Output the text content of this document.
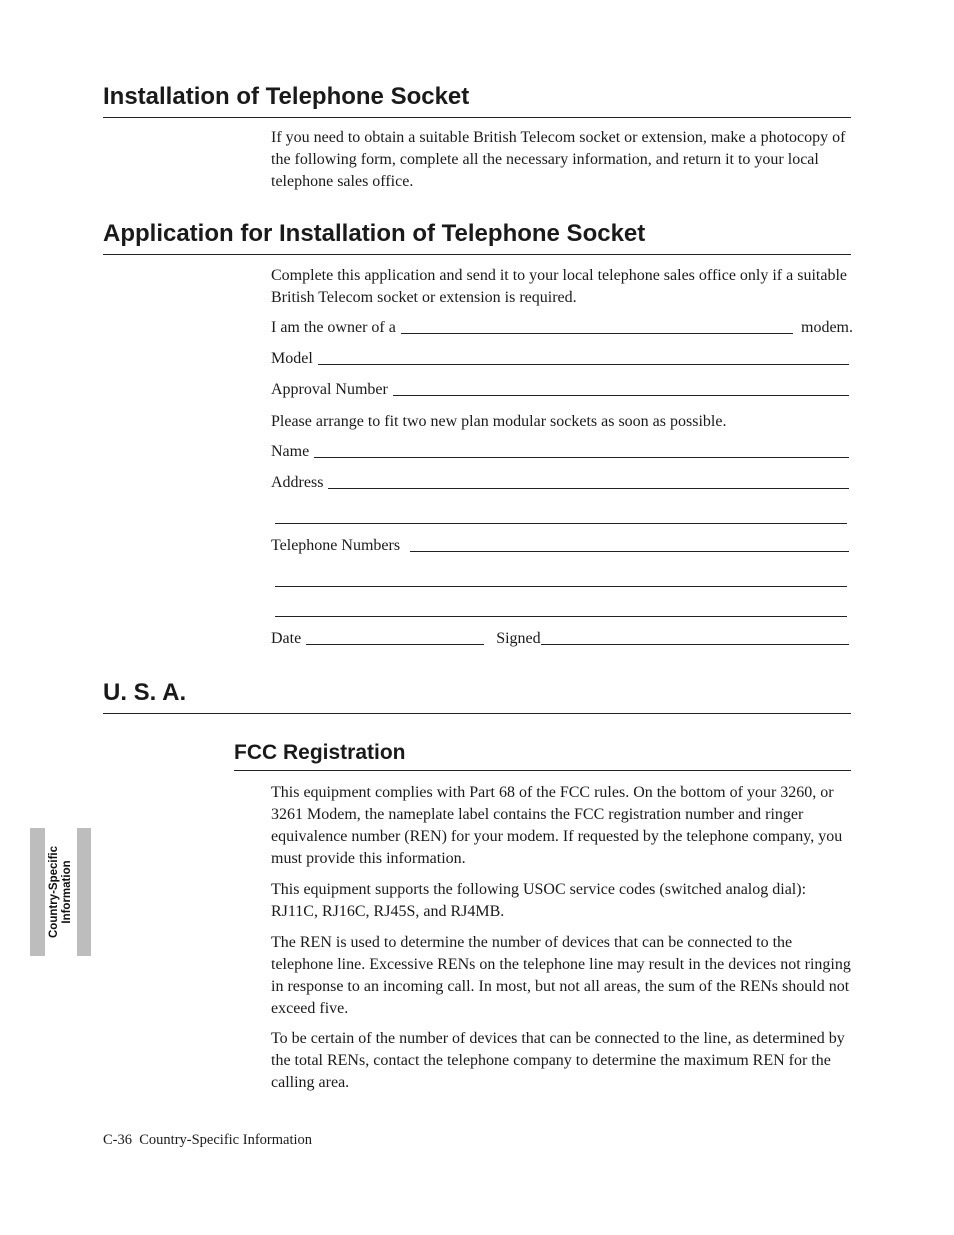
Installation of Telephone Socket

If you need to obtain a suitable British Telecom socket or extension, make a photocopy of the following form, complete all the necessary information, and return it to your local telephone sales office.

Application for Installation of Telephone Socket

Complete this application and send it to your local telephone sales office only if a suitable British Telecom socket or extension is required.

I am the owner of a	modem.
Model
Approval Number

Please arrange to fit two new plan modular sockets as soon as possible.

Name
Address
Telephone Numbers
Date	Signed
U. S. A.
FCC Registration

This equipment complies with Part 68 of the FCC rules. On the bottom of your 3260, or 3261 Modem, the nameplate label contains the FCC registration number and ringer equivalence number (REN) for your modem. If requested by the telephone company, you must provide this information.

This equipment supports the following USOC service codes (switched analog dial): RJ11C, RJ16C, RJ45S, and RJ4MB.

The REN is used to determine the number of devices that can be connected to the telephone line. Excessive RENs on the telephone line may result in the devices not ringing in response to an incoming call. In most, but not all areas, the sum of the RENs should not exceed five.

To be certain of the number of devices that can be connected to the line, as determined by the total RENs, contact the telephone company to determine the maximum REN for the calling area.

Country-Specific Information
C-36  Country-Specific Information
